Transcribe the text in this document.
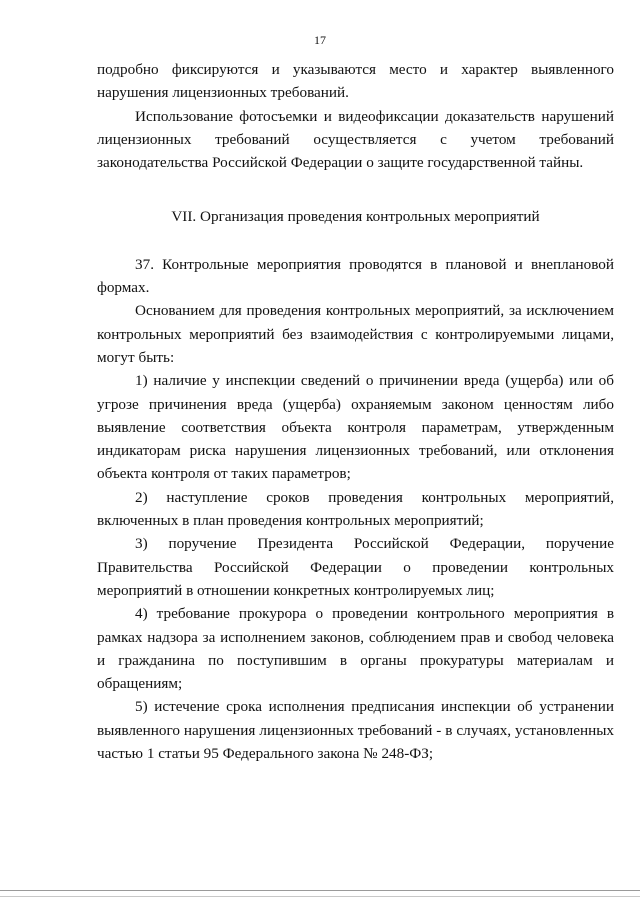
17

подробно фиксируются и указываются место и характер выявленного нарушения лицензионных требований.

Использование фотосъемки и видеофиксации доказательств нарушений лицензионных требований осуществляется с учетом требований законодательства Российской Федерации о защите государственной тайны.

VII. Организация проведения контрольных мероприятий

37. Контрольные мероприятия проводятся в плановой и внеплановой формах.

Основанием для проведения контрольных мероприятий, за исключением контрольных мероприятий без взаимодействия с контролируемыми лицами, могут быть:

1) наличие у инспекции сведений о причинении вреда (ущерба) или об угрозе причинения вреда (ущерба) охраняемым законом ценностям либо выявление соответствия объекта контроля параметрам, утвержденным индикаторам риска нарушения лицензионных требований, или отклонения объекта контроля от таких параметров;

2) наступление сроков проведения контрольных мероприятий, включенных в план проведения контрольных мероприятий;

3) поручение Президента Российской Федерации, поручение Правительства Российской Федерации о проведении контрольных мероприятий в отношении конкретных контролируемых лиц;

4) требование прокурора о проведении контрольного мероприятия в рамках надзора за исполнением законов, соблюдением прав и свобод человека и гражданина по поступившим в органы прокуратуры материалам и обращениям;

5) истечение срока исполнения предписания инспекции об устранении выявленного нарушения лицензионных требований - в случаях, установленных частью 1 статьи 95 Федерального закона № 248-ФЗ;
